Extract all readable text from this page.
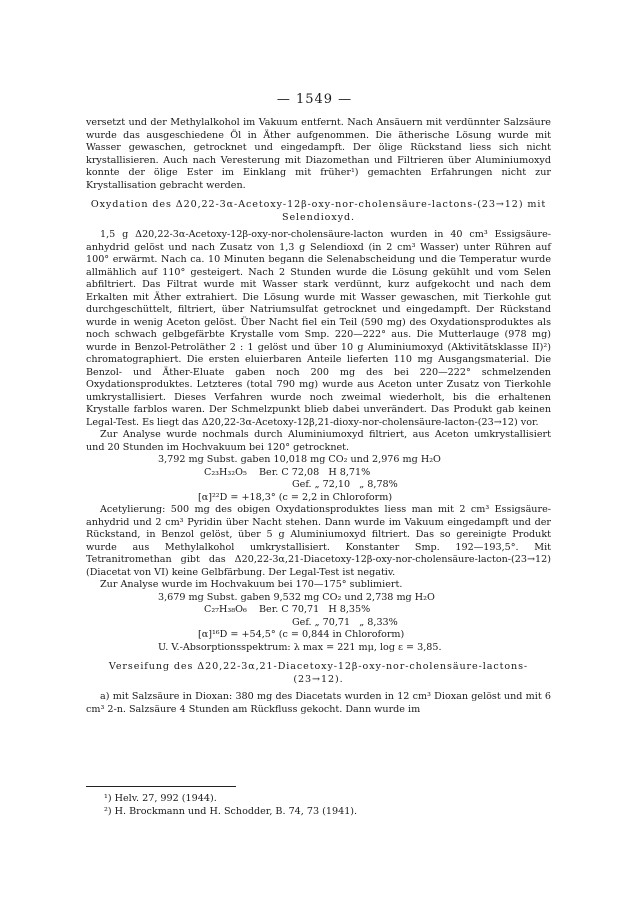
— 1549 —

versetzt und der Methylalkohol im Vakuum entfernt. Nach Ansäuern mit verdünnter Salzsäure wurde das ausgeschiedene Öl in Äther aufgenommen. Die ätherische Lösung wurde mit Wasser gewaschen, getrocknet und eingedampft. Der ölige Rückstand liess sich nicht krystallisieren. Auch nach Veresterung mit Diazomethan und Filtrieren über Aluminiumoxyd konnte der ölige Ester im Einklang mit früher¹) gemachten Erfahrungen nicht zur Krystallisation gebracht werden.

Oxydation des Δ20,22-3α-Acetoxy-12β-oxy-nor-cholensäure-lactons-(23→12) mit Selendioxyd.

1,5 g Δ20,22-3α-Acetoxy-12β-oxy-nor-cholensäure-lacton wurden in 40 cm³ Essigsäure-anhydrid gelöst und nach Zusatz von 1,3 g Selendioxd (in 2 cm³ Wasser) unter Rühren auf 100° erwärmt. Nach ca. 10 Minuten begann die Selenabscheidung und die Temperatur wurde allmählich auf 110° gesteigert. Nach 2 Stunden wurde die Lösung gekühlt und vom Selen abfiltriert. Das Filtrat wurde mit Wasser stark verdünnt, kurz aufgekocht und nach dem Erkalten mit Äther extrahiert. Die Lösung wurde mit Wasser gewaschen, mit Tierkohle gut durchgeschüttelt, filtriert, über Natriumsulfat getrocknet und eingedampft. Der Rückstand wurde in wenig Aceton gelöst. Über Nacht fiel ein Teil (590 mg) des Oxydationsproduktes als noch schwach gelbgefärbte Krystalle vom Smp. 220—222° aus. Die Mutterlauge (978 mg) wurde in Benzol-Petroläther 2 : 1 gelöst und über 10 g Aluminiumoxyd (Aktivitätsklasse II)²) chromatographiert. Die ersten eluierbaren Anteile lieferten 110 mg Ausgangsmaterial. Die Benzol- und Äther-Eluate gaben noch 200 mg des bei 220—222° schmelzenden Oxydationsproduktes. Letzteres (total 790 mg) wurde aus Aceton unter Zusatz von Tierkohle umkrystallisiert. Dieses Verfahren wurde noch zweimal wiederholt, bis die erhaltenen Krystalle farblos waren. Der Schmelzpunkt blieb dabei unverändert. Das Produkt gab keinen Legal-Test. Es liegt das Δ20,22-3α-Acetoxy-12β,21-dioxy-nor-cholensäure-lacton-(23→12) vor.

Zur Analyse wurde nochmals durch Aluminiumoxyd filtriert, aus Aceton umkrystallisiert und 20 Stunden im Hochvakuum bei 120° getrocknet.

3,792 mg Subst. gaben 10,018 mg CO₂ und 2,976 mg H₂O
C₂₃H₃₂O₅    Ber. C 72,08   H 8,71%
Gef. „ 72,10   „ 8,78%
[α]²²D = +18,3° (c = 2,2 in Chloroform)

Acetylierung: 500 mg des obigen Oxydationsproduktes liess man mit 2 cm³ Essigsäure-anhydrid und 2 cm³ Pyridin über Nacht stehen. Dann wurde im Vakuum eingedampft und der Rückstand, in Benzol gelöst, über 5 g Aluminiumoxyd filtriert. Das so gereinigte Produkt wurde aus Methylalkohol umkrystallisiert. Konstanter Smp. 192—193,5°. Mit Tetranitromethan gibt das Δ20,22-3α,21-Diacetoxy-12β-oxy-nor-cholensäure-lacton-(23→12) (Diacetat von VI) keine Gelbfärbung. Der Legal-Test ist negativ.

Zur Analyse wurde im Hochvakuum bei 170—175° sublimiert.

3,679 mg Subst. gaben 9,532 mg CO₂ und 2,738 mg H₂O
C₂₇H₃₈O₆    Ber. C 70,71   H 8,35%
Gef. „ 70,71   „ 8,33%
[α]¹⁶D = +54,5° (c = 0,844 in Chloroform)
U. V.-Absorptionsspektrum: λ max = 221 mμ, log ε = 3,85.

Verseifung des Δ20,22-3α,21-Diacetoxy-12β-oxy-nor-cholensäure-lactons-(23→12).

a) mit Salzsäure in Dioxan: 380 mg des Diacetats wurden in 12 cm³ Dioxan gelöst und mit 6 cm³ 2-n. Salzsäure 4 Stunden am Rückfluss gekocht. Dann wurde im

¹) Helv. 27, 992 (1944).
²) H. Brockmann und H. Schodder, B. 74, 73 (1941).
